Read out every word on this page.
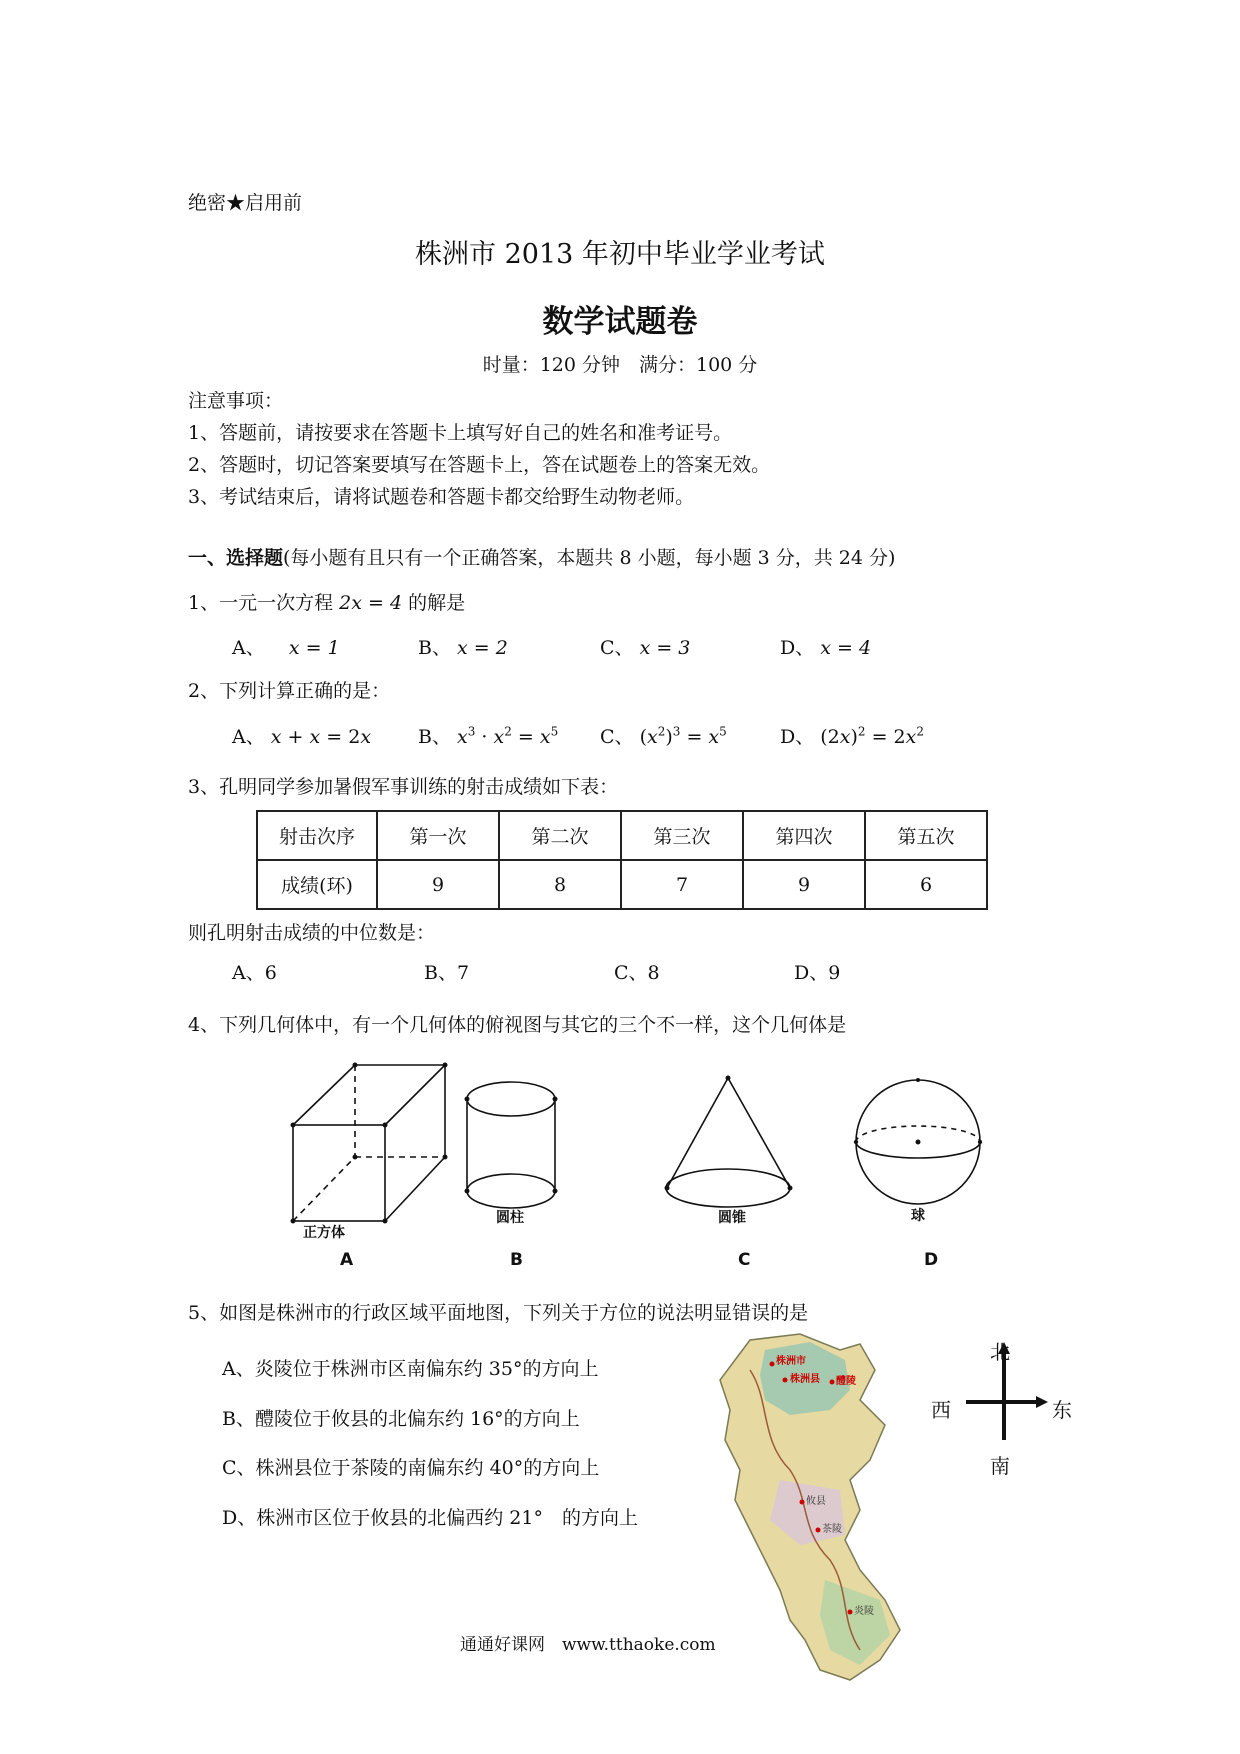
绝密★启用前
株洲市 2013 年初中毕业学业考试
数学试题卷
时量：120 分钟　满分：100 分
注意事项：
1、答题前，请按要求在答题卡上填写好自己的姓名和准考证号。
2、答题时，切记答案要填写在答题卡上，答在试题卷上的答案无效。
3、考试结束后，请将试题卷和答题卡都交给野生动物老师。
一、选择题(每小题有且只有一个正确答案，本题共 8 小题，每小题 3 分，共 24 分)
1、一元一次方程 2x = 4 的解是
A、 x = 1	B、 x = 2	C、 x = 3	D、 x = 4
2、下列计算正确的是：
A、 x + x = 2x B、 $x^3 \cdot x^2 = x^5$ C、 $(x^2)^3 = x^5$	D、 $(2x)^2 = 2x^2$
3、孔明同学参加暑假军事训练的射击成绩如下表：
射击次序	第一次	第二次	第三次	第四次	第五次
成绩(环)	9	8	7	9	6
则孔明射击成绩的中位数是：
A、6	B、7	C、8	D、9
4、下列几何体中，有一个几何体的俯视图与其它的三个不一样，这个几何体是
正方体
圆柱	圆锥	球
A	B	C	D
5、如图是株洲市的行政区域平面地图，下列关于方位的说法明显错误的是
A、炎陵位于株洲市区南偏东约 35°的方向上
B、醴陵位于攸县的北偏东约 16°的方向上
C、株洲县位于茶陵的南偏东约 40°的方向上
D、株洲市区位于攸县的北偏西约 21°　的方向上
株洲市
株洲县 醴陵
攸县
茶陵
炎陵
北
西	东
南
通通好课网　www.tthaoke.com
